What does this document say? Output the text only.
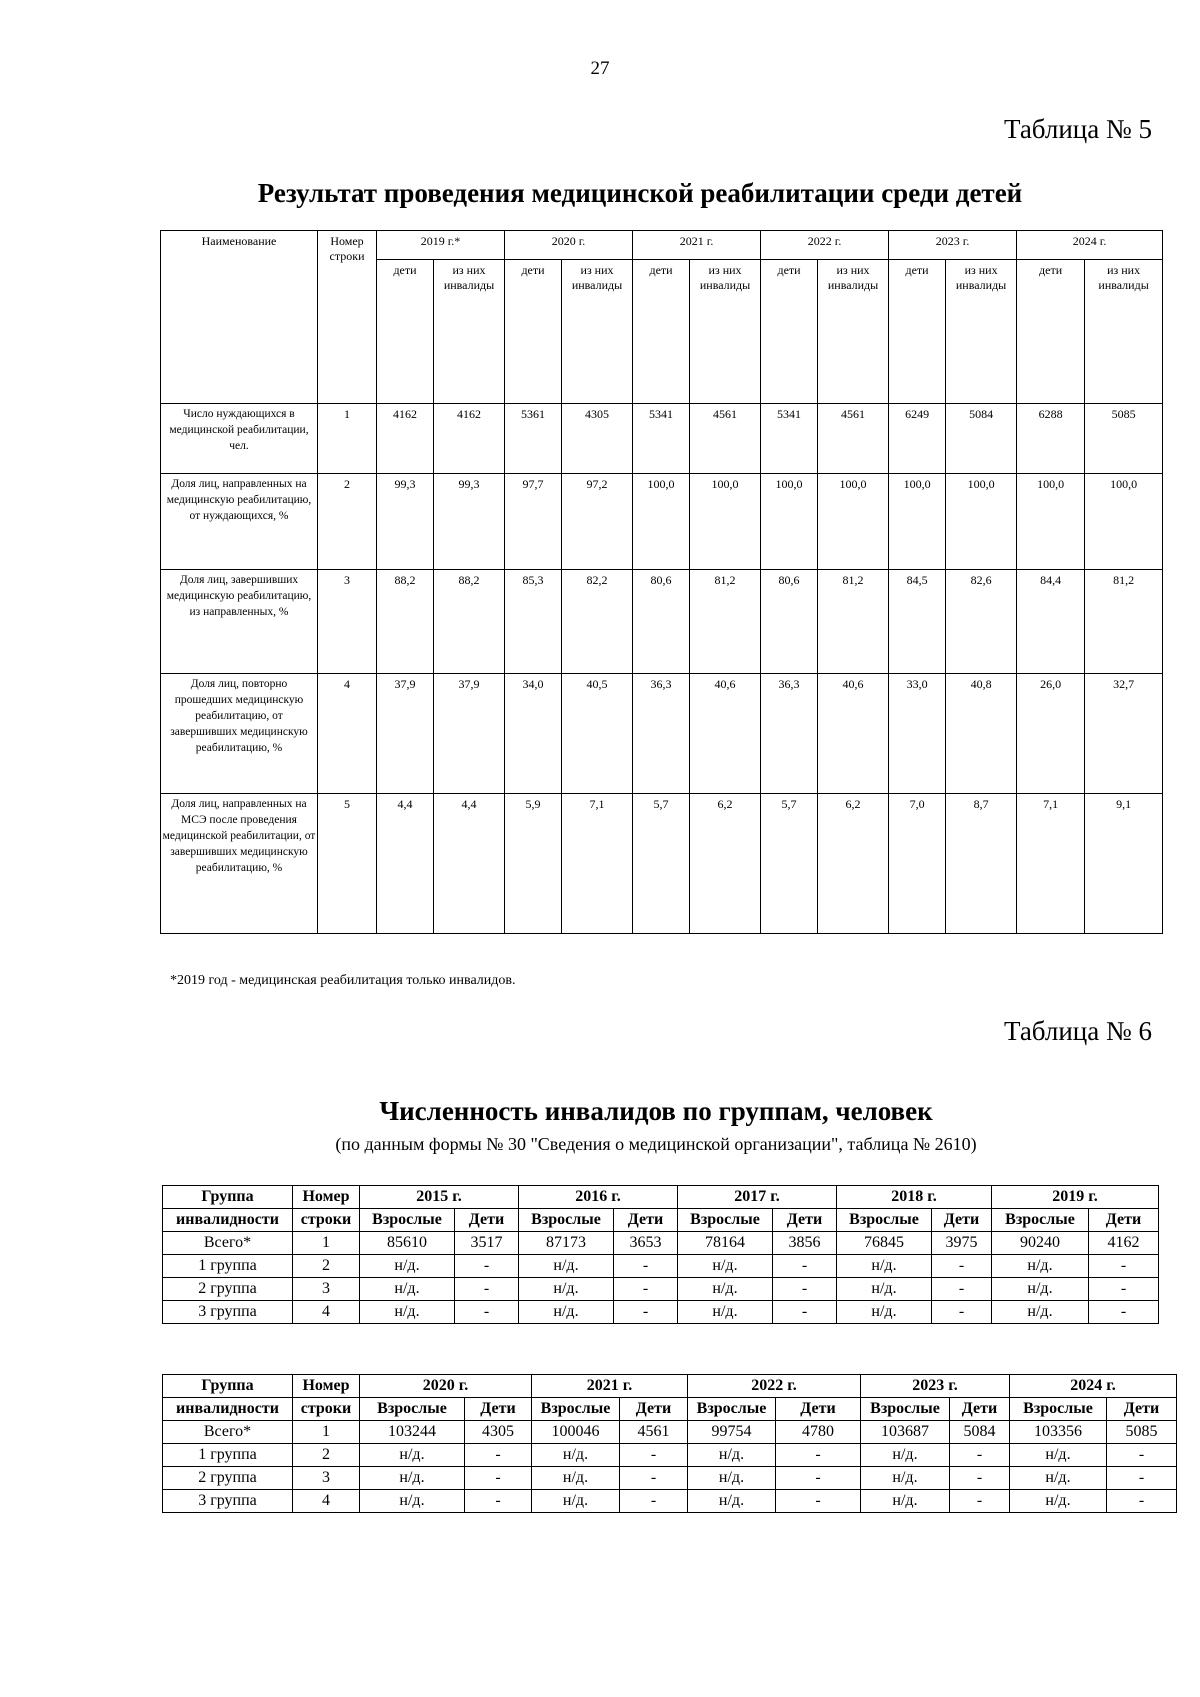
27
Таблица № 5
Результат проведения медицинской реабилитации среди детей
Наименование	Номер строки	2019 г.*		2020 г.		2021 г.		2022 г.		2023 г.		2024 г.	
		дети	из них инвалиды	дети	из них инвалиды	дети	из них инвалиды	дети	из них инвалиды	дети	из них инвалиды	дети	из них инвалиды
Число нуждающихся в медицинской реабилитации, чел.	1	4162	4162	5361	4305	5341	4561	5341	4561	6249	5084	6288	5085
Доля лиц, направленных на медицинскую реабилитацию, от нуждающихся, %	2	99,3	99,3	97,7	97,2	100,0	100,0	100,0	100,0	100,0	100,0	100,0	100,0
Доля лиц, завершивших медицинскую реабилитацию, из направленных, %	3	88,2	88,2	85,3	82,2	80,6	81,2	80,6	81,2	84,5	82,6	84,4	81,2
Доля лиц, повторно прошедших медицинскую реабилитацию, от завершивших медицинскую реабилитацию, %	4	37,9	37,9	34,0	40,5	36,3	40,6	36,3	40,6	33,0	40,8	26,0	32,7
Доля лиц, направленных на МСЭ после проведения медицинской реабилитации, от завершивших медицинскую реабилитацию, %	5	4,4	4,4	5,9	7,1	5,7	6,2	5,7	6,2	7,0	8,7	7,1	9,1
*2019 год - медицинская реабилитация только инвалидов.
Таблица № 6
Численность инвалидов по группам, человек
(по данным формы № 30 "Сведения о медицинской организации", таблица № 2610)
Группа	Номер	2015 г.		2016 г.		2017 г.		2018 г.		2019 г.	
инвалидности	строки	Взрослые	Дети	Взрослые	Дети	Взрослые	Дети	Взрослые	Дети	Взрослые	Дети
Всего*	1	85610	3517	87173	3653	78164	3856	76845	3975	90240	4162
1 группа	2	н/д.	-	н/д.	-	н/д.	-	н/д.	-	н/д.	-
2 группа	3	н/д.	-	н/д.	-	н/д.	-	н/д.	-	н/д.	-
3 группа	4	н/д.	-	н/д.	-	н/д.	-	н/д.	-	н/д.	-
Группа	Номер	2020 г.		2021 г.		2022 г.		2023 г.		2024 г.	
инвалидности	строки	Взрослые	Дети	Взрослые	Дети	Взрослые	Дети	Взрослые	Дети	Взрослые	Дети
Всего*	1	103244	4305	100046	4561	99754	4780	103687	5084	103356	5085
1 группа	2	н/д.	-	н/д.	-	н/д.	-	н/д.	-	н/д.	-
2 группа	3	н/д.	-	н/д.	-	н/д.	-	н/д.	-	н/д.	-
3 группа	4	н/д.	-	н/д.	-	н/д.	-	н/д.	-	н/д.	-
